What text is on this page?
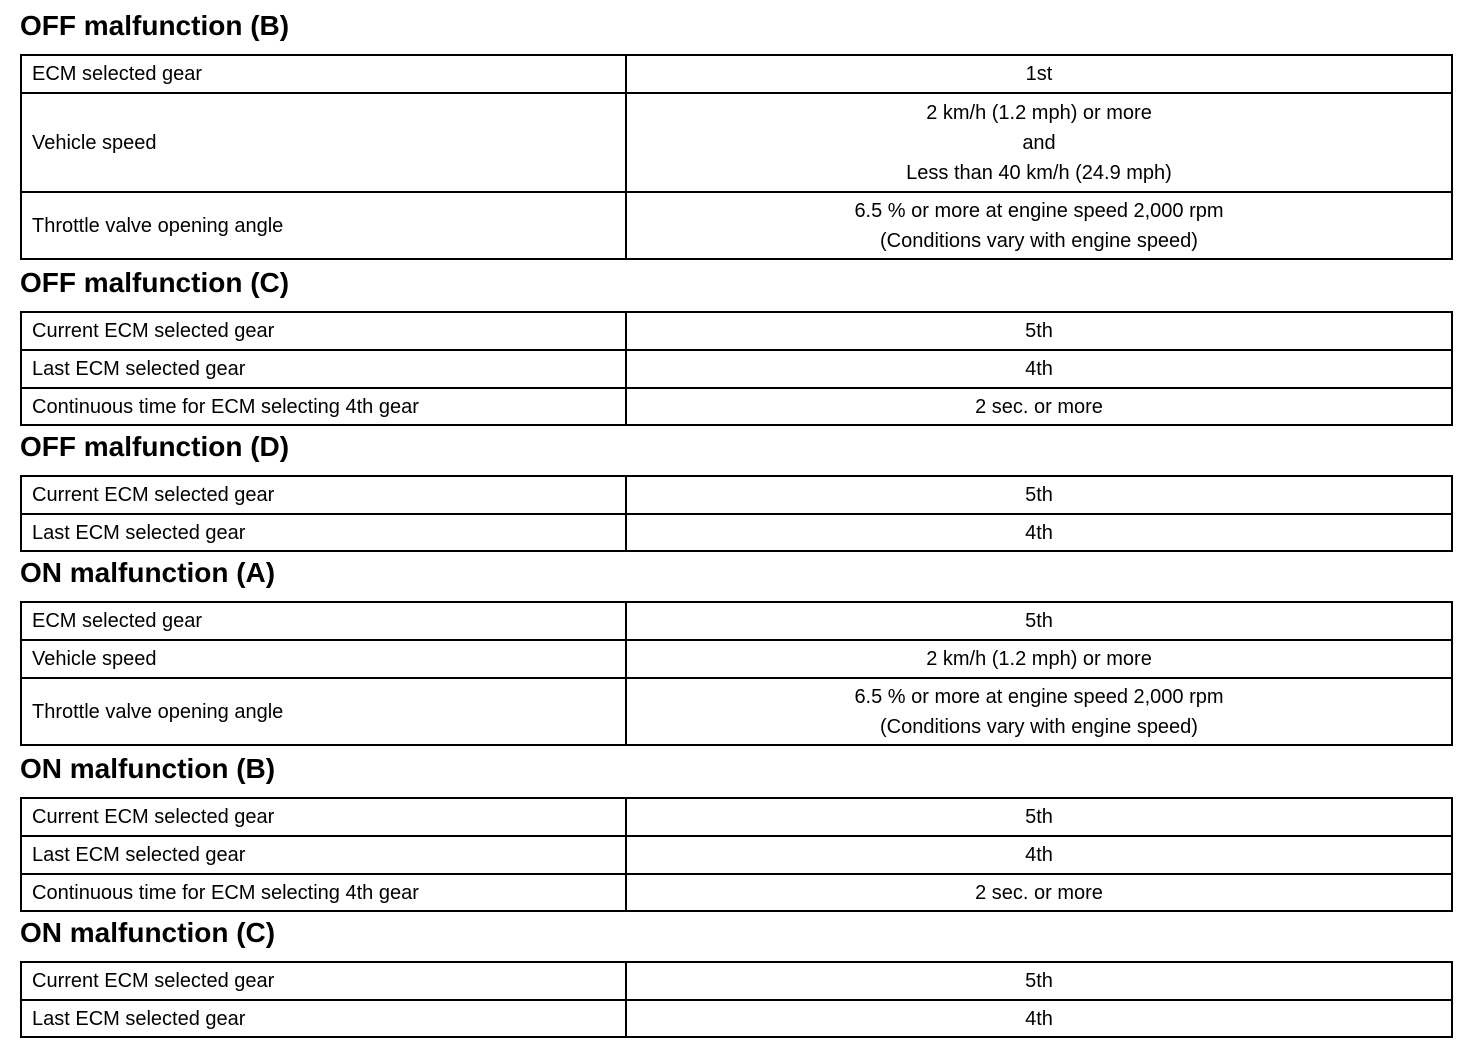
OFF malfunction (B)
ECM selected gear	1st

Vehicle speed	2 km/h (1.2 mph) or more
and
Less than 40 km/h (24.9 mph)

Throttle valve opening angle	6.5 % or more at engine speed 2,000 rpm
(Conditions vary with engine speed)
OFF malfunction (C)
Current ECM selected gear	5th

Last ECM selected gear	4th

Continuous time for ECM selecting 4th gear	2 sec. or more
OFF malfunction (D)
Current ECM selected gear	5th

Last ECM selected gear	4th
ON malfunction (A)
ECM selected gear	5th

Vehicle speed	2 km/h (1.2 mph) or more

Throttle valve opening angle	6.5 % or more at engine speed 2,000 rpm
(Conditions vary with engine speed)
ON malfunction (B)
Current ECM selected gear	5th

Last ECM selected gear	4th

Continuous time for ECM selecting 4th gear	2 sec. or more
ON malfunction (C)
Current ECM selected gear	5th

Last ECM selected gear	4th
